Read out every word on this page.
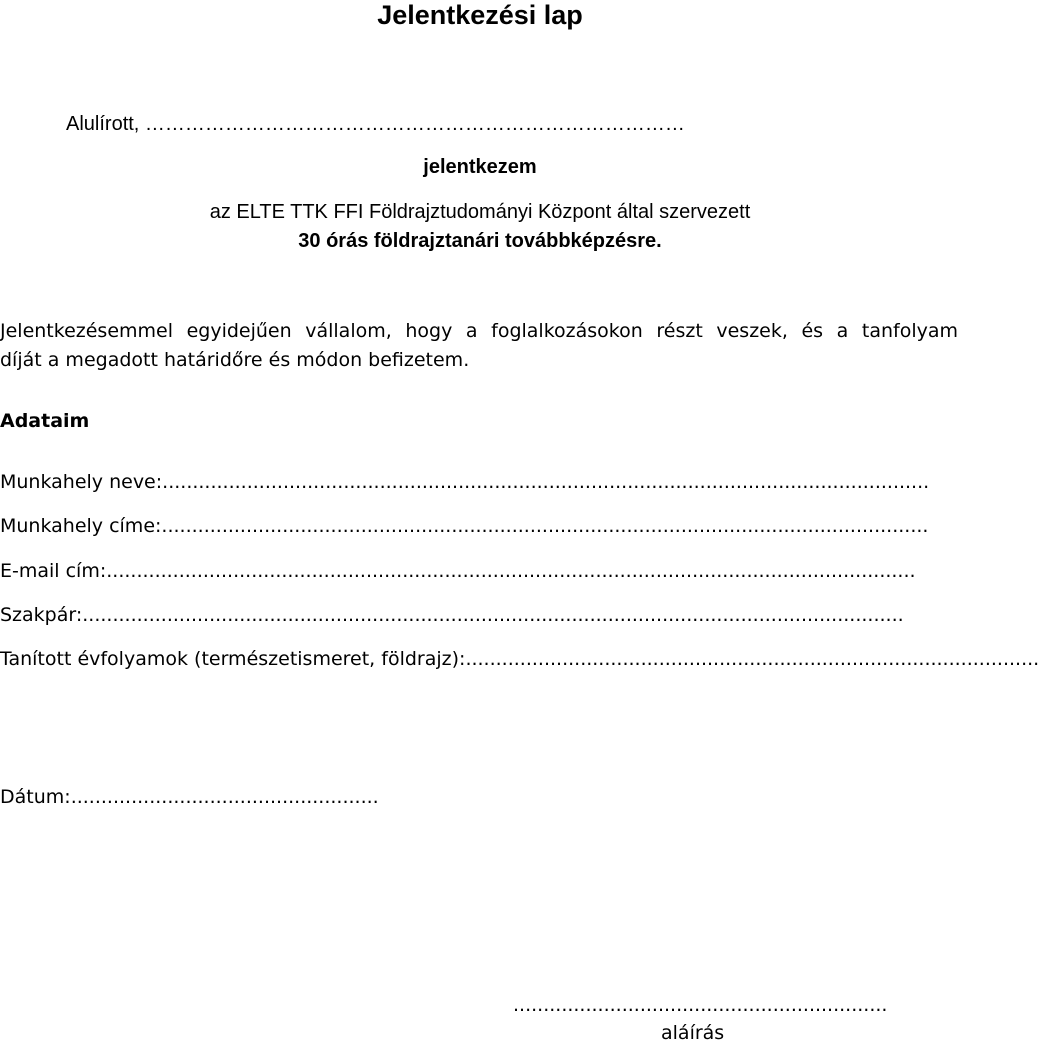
Jelentkezési lap
Alulírott, ………………………………………………………………………
jelentkezem
az ELTE TTK FFI Földrajztudományi Központ által szervezett
30 órás földrajztanári továbbképzésre.
Jelentkezésemmel egyidejűen vállalom, hogy a foglalkozásokon részt veszek, és a tanfolyam
díját a megadott határidőre és módon befizetem.
Adataim
Munkahely neve: ...............................................................................................................................
Munkahely címe: ...............................................................................................................................
E-mail cím: ......................................................................................................................................
Szakpár: ........................................................................................................................................
Tanított évfolyamok (természetismeret, földrajz): ...............................................................................................
Dátum:...................................................
..............................................................
aláírás
